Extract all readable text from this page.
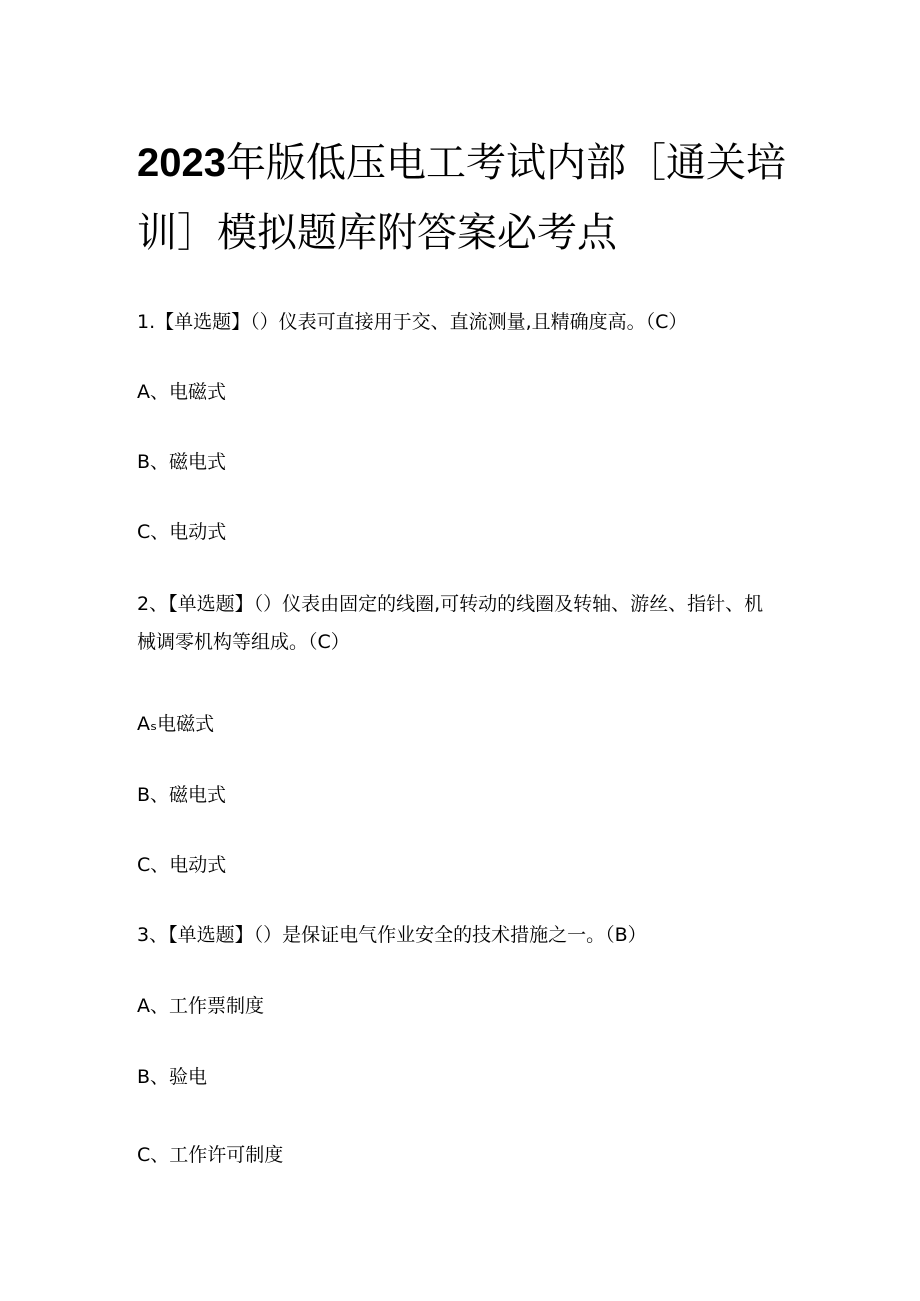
2023年版低压电工考试内部［通关培训］模拟题库附答案必考点

1.【单选题】（）仪表可直接用于交、直流测量,且精确度高。（C）

A、电磁式

B、磁电式

C、电动式

2、【单选题】（）仪表由固定的线圈,可转动的线圈及转轴、游丝、指针、机械调零机构等组成。（C）

Aₛ电磁式

B、磁电式

C、电动式

3、【单选题】（）是保证电气作业安全的技术措施之一。（B）

A、工作票制度

B、验电

C、工作许可制度
